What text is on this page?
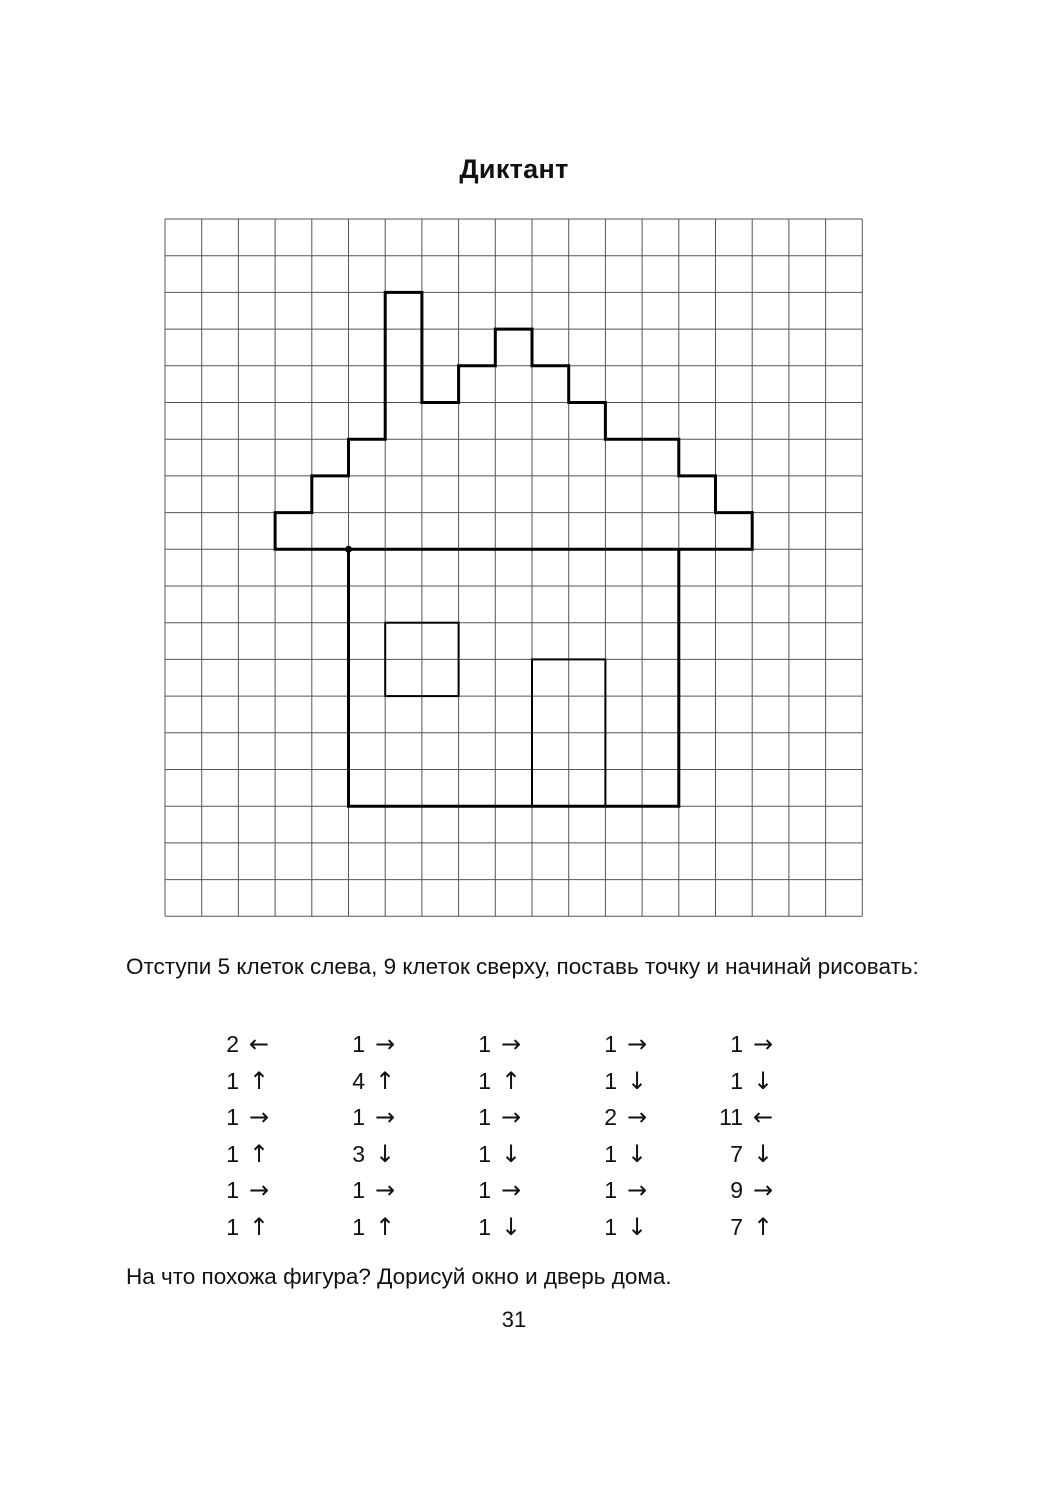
Диктант
Отступи 5 клеток слева, 9 клеток сверху, поставь точку и начинай рисовать:
2 ←
1 ↑
1 →
1 ↑
1 →
1 ↑
1 →
4 ↑
1 →
3 ↓
1 →
1 ↑
1 →
1 ↑
1 →
1 ↓
1 →
1 ↓
1 →
1 ↓
2 →
1 ↓
1 →
1 ↓
1 →
1 ↓
11 ←
7 ↓
9 →
7 ↑
На что похожа фигура? Дорисуй окно и дверь дома.
31
